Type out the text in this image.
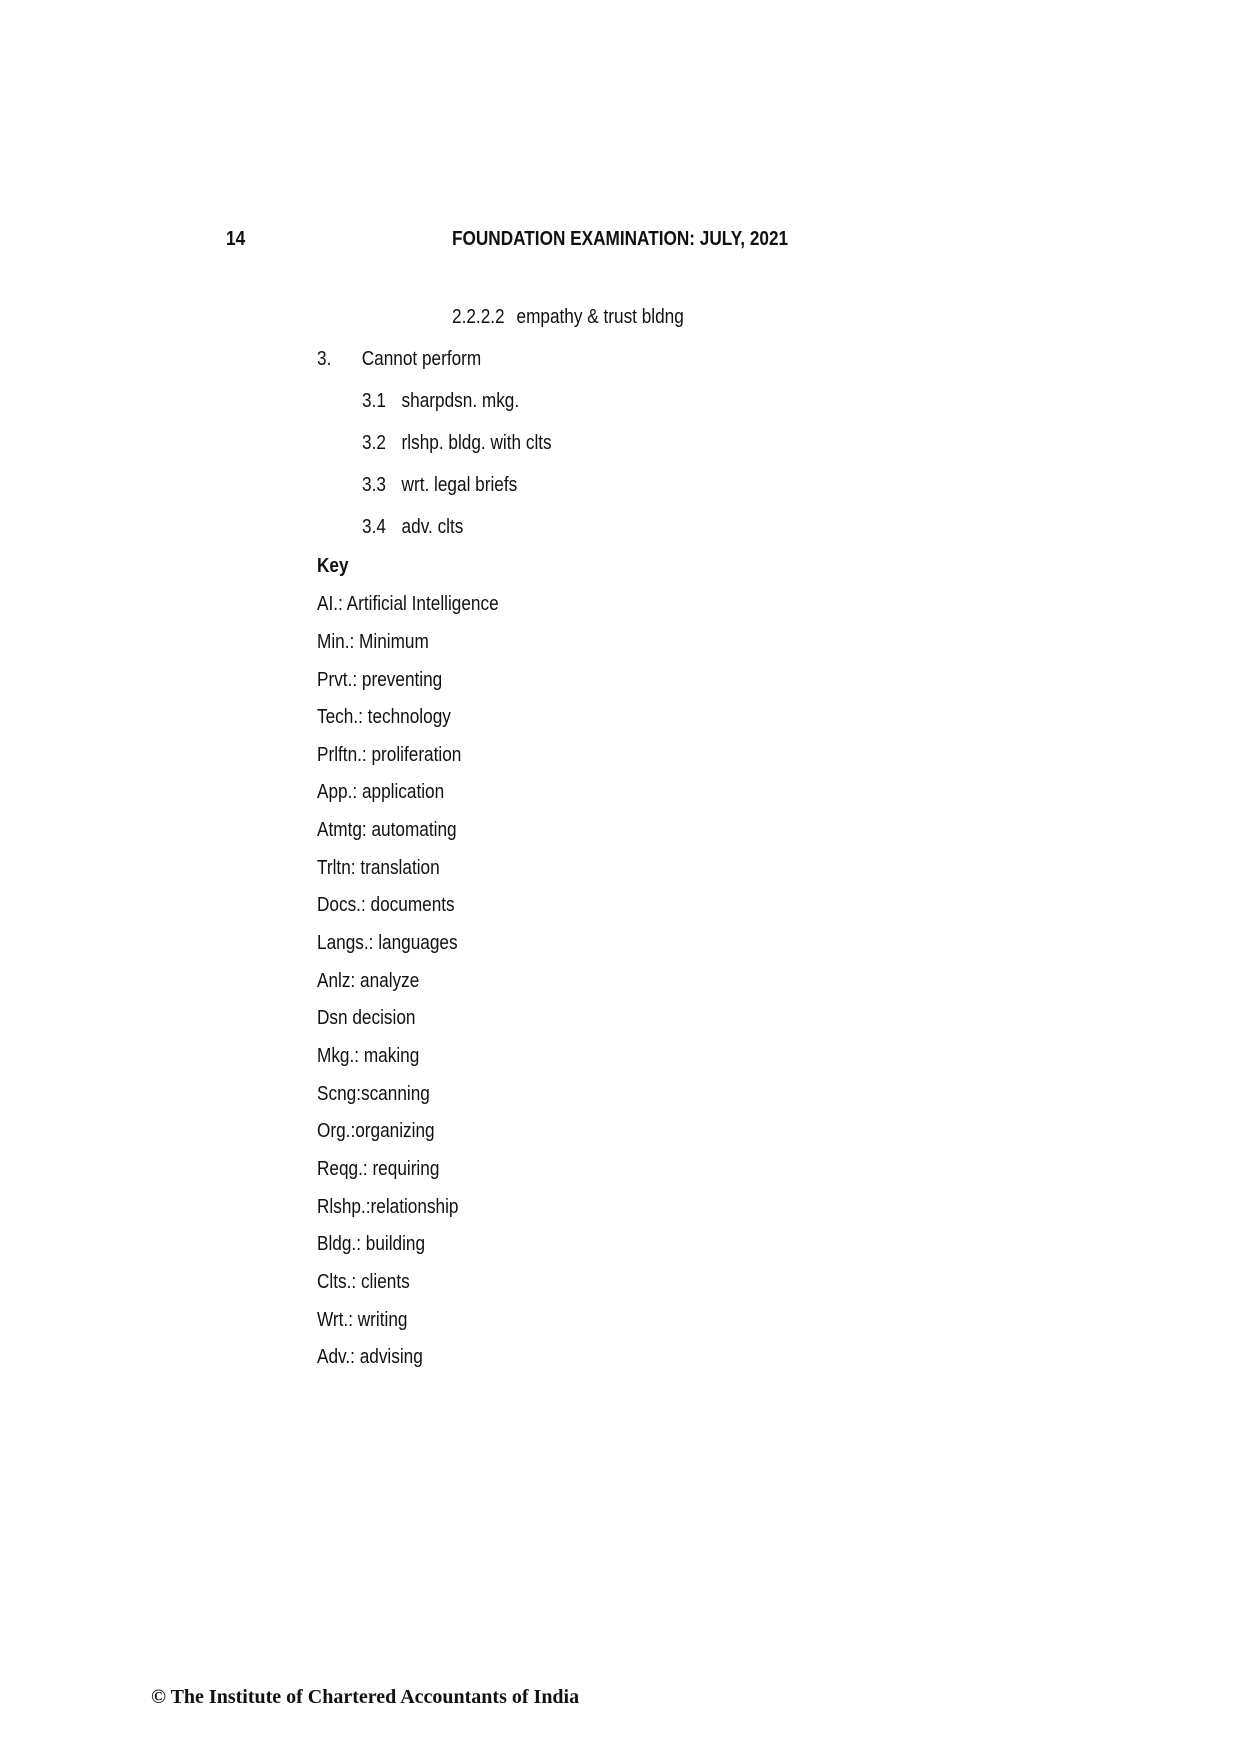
14	FOUNDATION EXAMINATION: JULY, 2021
2.2.2.2 empathy & trust bldng
3. Cannot perform
3.1 sharpdsn. mkg.
3.2 rlshp. bldg. with clts
3.3 wrt. legal briefs
3.4 adv. clts
Key
AI.: Artificial Intelligence
Min.: Minimum
Prvt.: preventing
Tech.: technology
Prlftn.: proliferation
App.: application
Atmtg: automating
Trltn: translation
Docs.: documents
Langs.: languages
Anlz: analyze
Dsn decision
Mkg.: making
Scng:scanning
Org.:organizing
Reqg.: requiring
Rlshp.:relationship
Bldg.: building
Clts.: clients
Wrt.: writing
Adv.: advising
© The Institute of Chartered Accountants of India
